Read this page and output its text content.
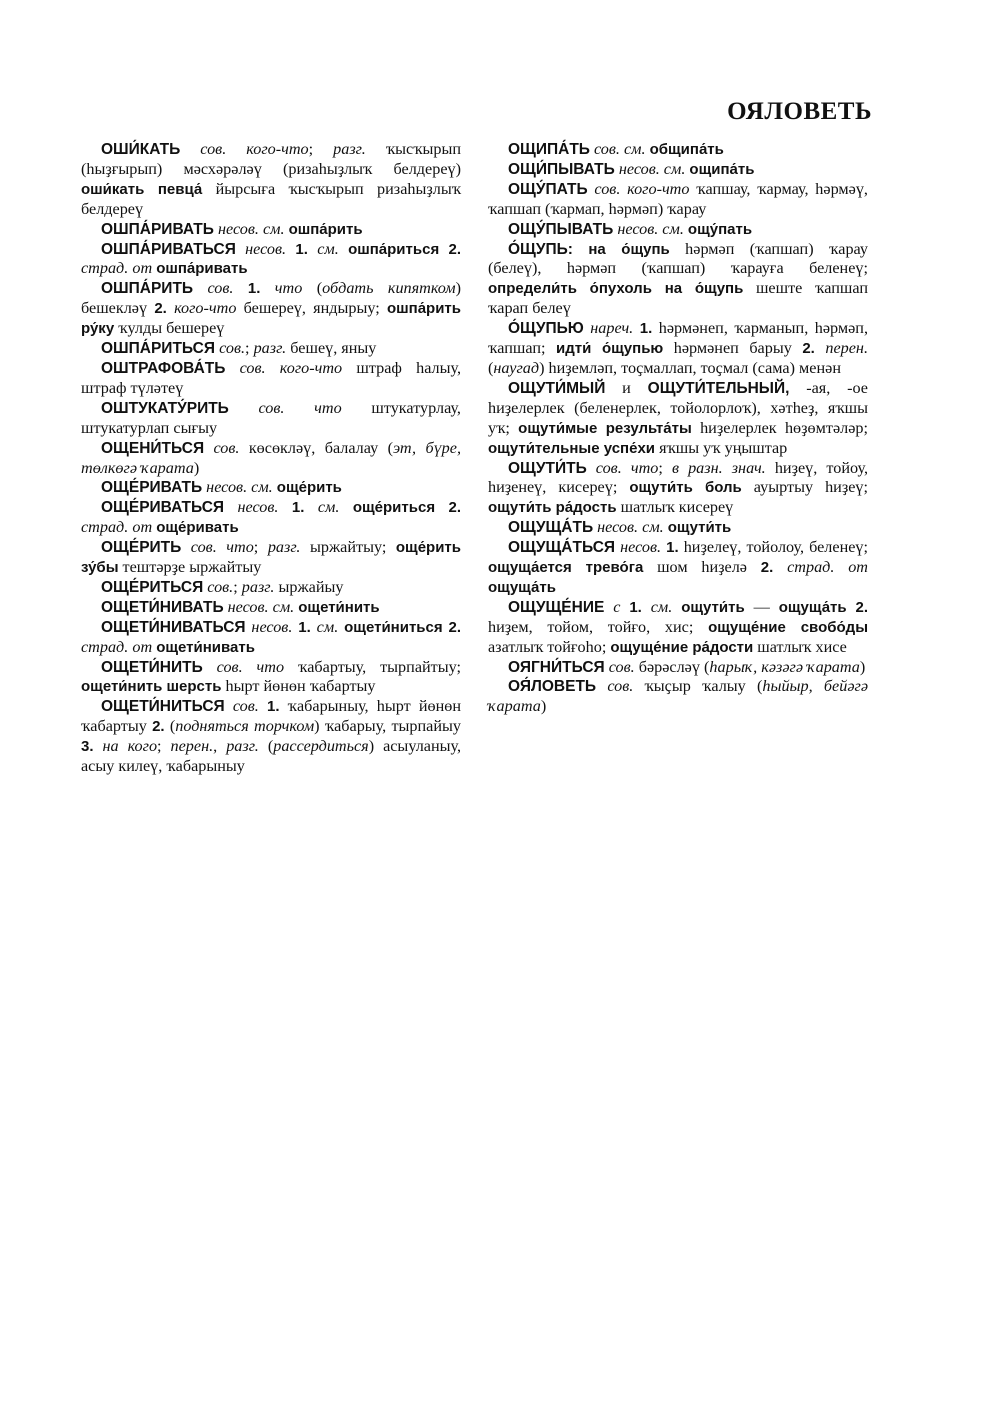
ОЯЛОВЕТЬ
ОШИ́КАТЬ сов. кого-что; разг. ҡысҡырып (һыҙғырып) мәсхәрәләү (ризаһыҙлыҡ белдереү) оши́кать певца́ йырсыға ҡысҡырып ризаһыҙлыҡ белдереү
ОШПА́РИВАТЬ несов. см. ошпа́рить
ОШПА́РИВАТЬСЯ несов. 1. см. ошпа́риться 2. страд. от ошпа́ривать
ОШПА́РИТЬ сов. 1. что (обдать кипятком) бешекләү 2. кого-что бешереү, яндырыу; ошпа́рить ру́ку ҡулды бешереү
ОШПА́РИТЬСЯ сов.; разг. бешеү, яныу
ОШТРАФОВА́ТЬ сов. кого-что штраф һалыу, штраф түләтеү
ОШТУКАТУ́РИТЬ сов. что штукатурлау, штукатурлап сығыу
ОЩЕНИ́ТЬСЯ сов. көсөкләү, балалау (эт, бүре, төлкөгә ҡарата)
ОЩЕ́РИВАТЬ несов. см. още́рить
ОЩЕ́РИВАТЬСЯ несов. 1. см. още́риться 2. страд. от още́ривать
ОЩЕ́РИТЬ сов. что; разг. ыржайтыу; още́рить зу́бы тештәрҙе ыржайтыу
ОЩЕ́РИТЬСЯ сов.; разг. ыржайыу
ОЩЕТИ́НИВАТЬ несов. см. ощети́нить
ОЩЕТИ́НИВАТЬСЯ несов. 1. см. ощети́ниться 2. страд. от ощети́нивать
ОЩЕТИ́НИТЬ сов. что ҡабартыу, тырпайтыу; ощети́нить шерсть һырт йөнөн ҡабартыу
ОЩЕТИ́НИТЬСЯ сов. 1. ҡабарыныу, һырт йөнөн ҡабартыу 2. (подняться торчком) ҡабарыу, тырпайыу 3. на кого; перен., разг. (рассердиться) асыуланыу, асыу килеү, ҡабарыныу
ОЩИПА́ТЬ сов. см. общипа́ть
ОЩИ́ПЫВАТЬ несов. см. ощипа́ть
ОЩУ́ПАТЬ сов. кого-что ҡапшау, ҡармау, һәрмәү, ҡапшап (ҡармап, һәрмәп) ҡарау
ОЩУ́ПЫВАТЬ несов. см. ощу́пать
О́ЩУПЬ: на о́щупь һәрмәп (ҡапшап) ҡарау (белеү), һәрмәп (ҡапшап) ҡарауға беленеү; определи́ть о́пухоль на о́щупь шеште ҡапшап ҡарап белеү
О́ЩУПЬЮ нареч. 1. һәрмәнеп, ҡарманып, һәрмәп, ҡапшап; идти́ о́щупью һәрмәнеп барыу 2. перен. (наугад) һиҙемләп, тоҫмаллап, тоҫмал (сама) менән
ОЩУТИ́МЫЙ и ОЩУТИ́ТЕЛЬНЫЙ, -ая, -ое һиҙелерлек (беленерлек, тойолорлоҡ), хәтһеҙ, яҡшы уҡ; ощути́мые результа́ты һиҙелерлек һөҙөмтәләр; ощути́тельные успе́хи яҡшы уҡ уңыштар
ОЩУТИ́ТЬ сов. что; в разн. знач. һиҙеү, тойоу, һиҙенеү, кисереү; ощути́ть боль ауыртыу һиҙеү; ощути́ть ра́дость шатлыҡ кисереү
ОЩУЩА́ТЬ несов. см. ощути́ть
ОЩУЩА́ТЬСЯ несов. 1. һиҙелеү, тойолоу, беленеү; ощуща́ется трево́га шом һиҙелә 2. страд. от ощуща́ть
ОЩУЩЕ́НИЕ с 1. см. ощути́ть — ощуща́ть 2. һиҙем, тойом, тойғо, хис; ощуще́ние свобо́ды азатлыҡ тойғоһо; ощуще́ние ра́дости шатлыҡ хисе
ОЯГНИ́ТЬСЯ сов. бәрәсләү (һарыҡ, кәзәгә ҡарата)
ОЯ́ЛОВЕТЬ сов. ҡыҫыр ҡалыу (һыйыр, бейәгә ҡарата)
